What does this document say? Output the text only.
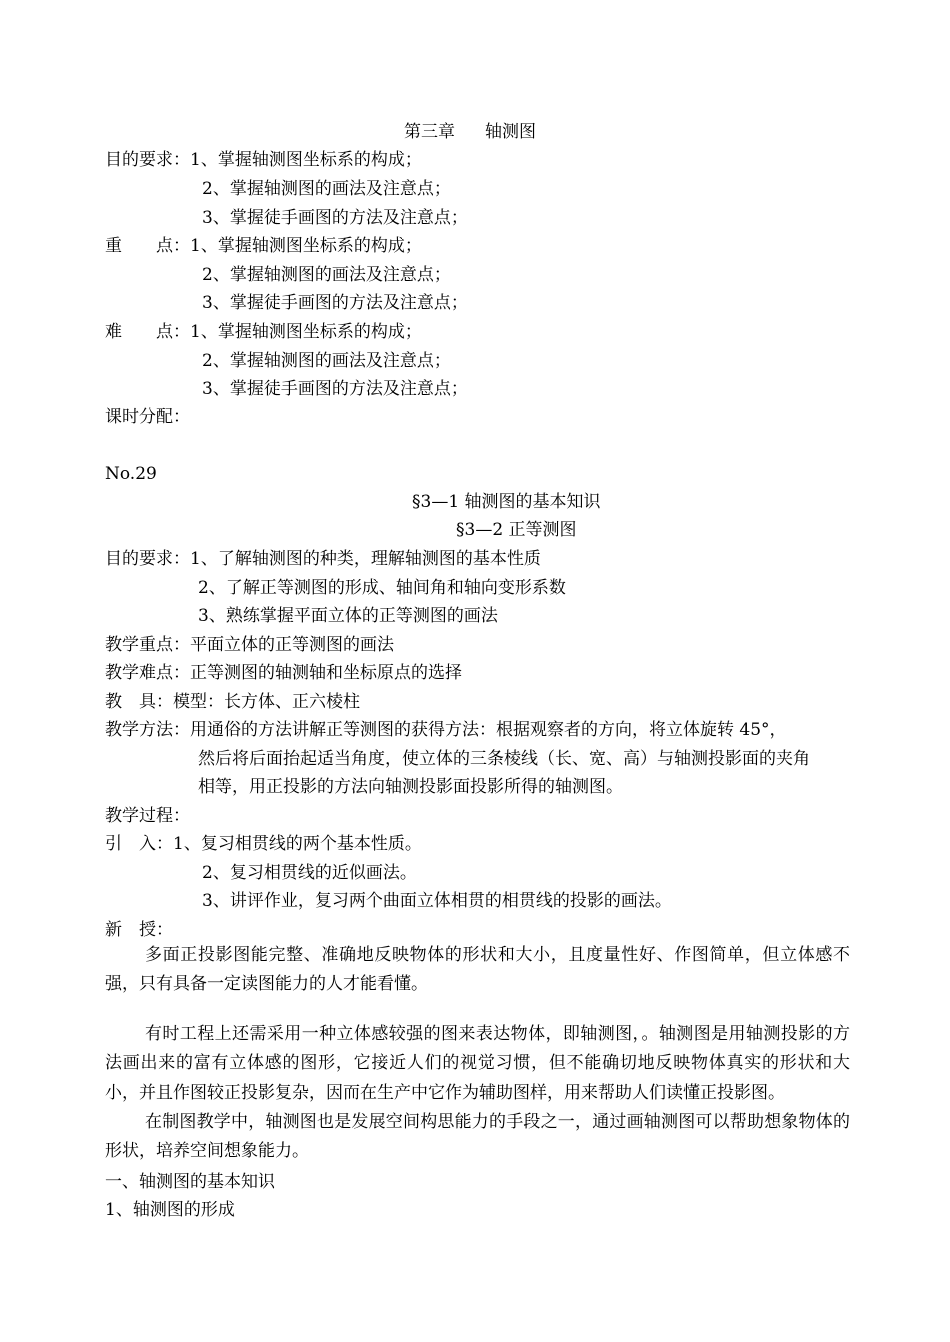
第三章 轴测图
目的要求：1、掌握轴测图坐标系的构成；
2、掌握轴测图的画法及注意点；
3、掌握徒手画图的方法及注意点；
重　　点：1、掌握轴测图坐标系的构成；
2、掌握轴测图的画法及注意点；
3、掌握徒手画图的方法及注意点；
难　　点：1、掌握轴测图坐标系的构成；
2、掌握轴测图的画法及注意点；
3、掌握徒手画图的方法及注意点；
课时分配：
No.29
§3—1 轴测图的基本知识
§3—2 正等测图
目的要求：1、了解轴测图的种类，理解轴测图的基本性质
2、了解正等测图的形成、轴间角和轴向变形系数
3、熟练掌握平面立体的正等测图的画法
教学重点：平面立体的正等测图的画法
教学难点：正等测图的轴测轴和坐标原点的选择
教　具：模型：长方体、正六棱柱
教学方法：用通俗的方法讲解正等测图的获得方法：根据观察者的方向，将立体旋转 45°，
然后将后面抬起适当角度，使立体的三条棱线（长、宽、高）与轴测投影面的夹角
相等，用正投影的方法向轴测投影面投影所得的轴测图。
教学过程：
引　入：1、复习相贯线的两个基本性质。
2、复习相贯线的近似画法。
3、讲评作业，复习两个曲面立体相贯的相贯线的投影的画法。
新　授：
多面正投影图能完整、准确地反映物体的形状和大小，且度量性好、作图简单，但立体感不强，只有具备一定读图能力的人才能看懂。
有时工程上还需采用一种立体感较强的图来表达物体，即轴测图，。轴测图是用轴测投影的方法画出来的富有立体感的图形，它接近人们的视觉习惯，但不能确切地反映物体真实的形状和大小，并且作图较正投影复杂，因而在生产中它作为辅助图样，用来帮助人们读懂正投影图。
在制图教学中，轴测图也是发展空间构思能力的手段之一，通过画轴测图可以帮助想象物体的形状，培养空间想象能力。
一、轴测图的基本知识
1、轴测图的形成
